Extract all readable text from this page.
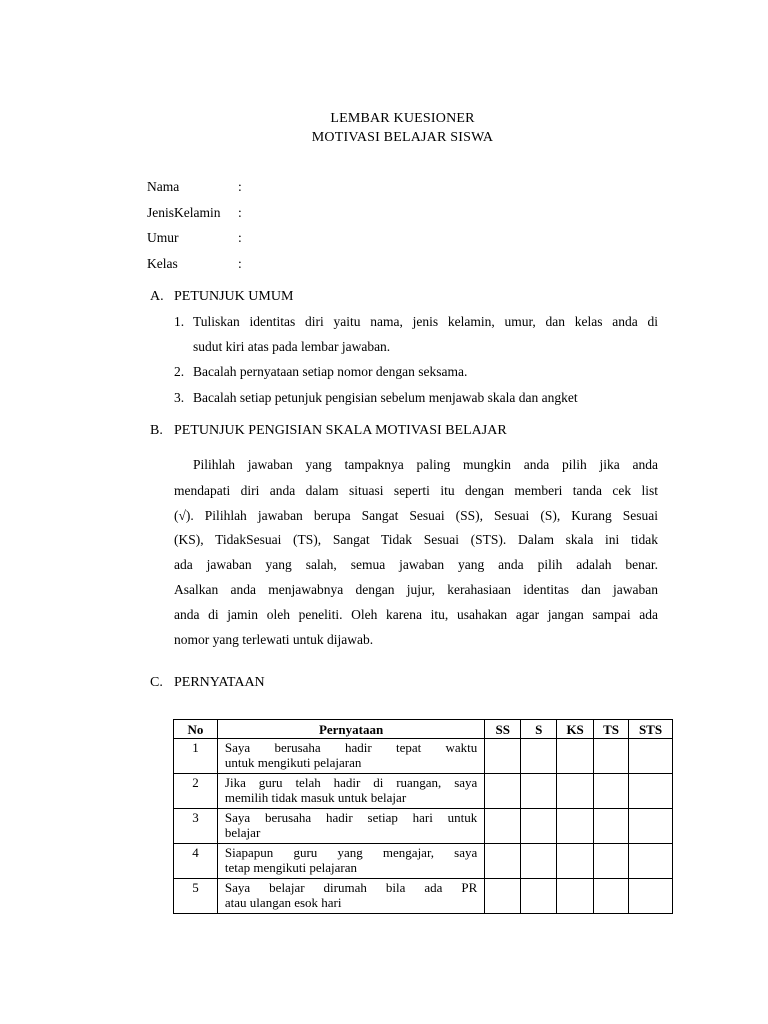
LEMBAR KUESIONER
MOTIVASI BELAJAR SISWA
Nama	:
JenisKelamin :
Umur	:
Kelas	:
A. PETUNJUK UMUM
1. Tuliskan identitas diri yaitu nama, jenis kelamin, umur, dan kelas anda di
sudut kiri atas pada lembar jawaban.
2. Bacalah pernyataan setiap nomor dengan seksama.
3. Bacalah setiap petunjuk pengisian sebelum menjawab skala dan angket
B. PETUNJUK PENGISIAN SKALA MOTIVASI BELAJAR
Pilihlah jawaban yang tampaknya paling mungkin anda pilih jika anda
mendapati diri anda dalam situasi seperti itu dengan memberi tanda cek list
(√). Pilihlah jawaban berupa Sangat Sesuai (SS), Sesuai (S), Kurang Sesuai
(KS), TidakSesuai (TS), Sangat Tidak Sesuai (STS). Dalam skala ini tidak
ada jawaban yang salah, semua jawaban yang anda pilih adalah benar.
Asalkan anda menjawabnya dengan jujur, kerahasiaan identitas dan jawaban
anda di jamin oleh peneliti. Oleh karena itu, usahakan agar jangan sampai ada
nomor yang terlewati untuk dijawab.
C. PERNYATAAN
No	Pernyataan	SS	S	KS	TS	STS
1	Saya berusaha hadir tepat waktu
untuk mengikuti pelajaran					

2	Jika guru telah hadir di ruangan, saya
memilih tidak masuk untuk belajar					

3	Saya berusaha hadir setiap hari untuk
belajar					

4	Siapapun guru yang mengajar, saya
tetap mengikuti pelajaran					

5	Saya belajar dirumah bila ada PR
atau ulangan esok hari					
